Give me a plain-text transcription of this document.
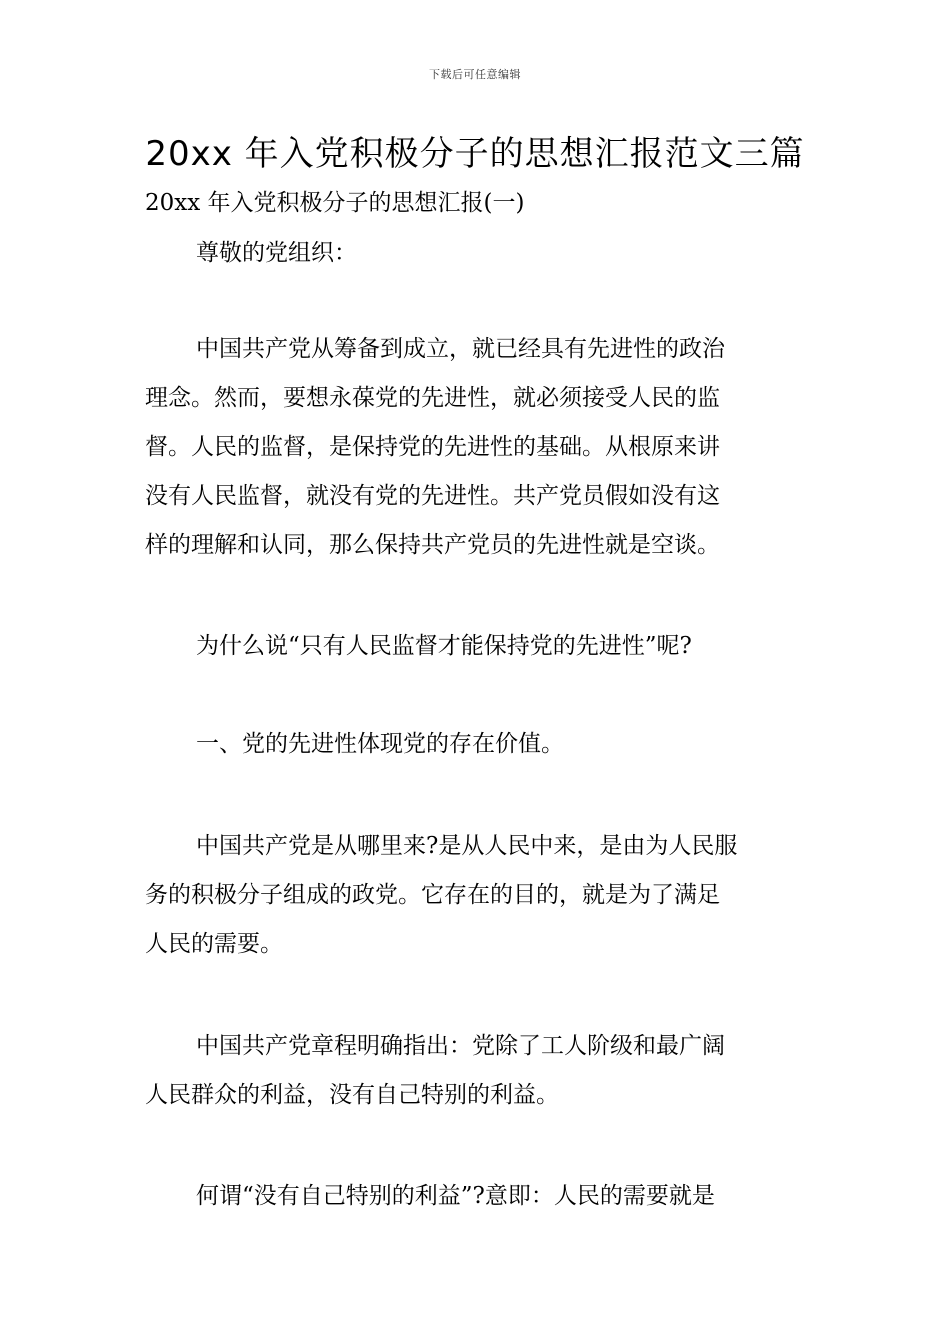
下载后可任意编辑
20xx 年入党积极分子的思想汇报范文三篇
20xx 年入党积极分子的思想汇报(一)
尊敬的党组织：
中国共产党从筹备到成立，就已经具有先进性的政治
理念。然而，要想永葆党的先进性，就必须接受人民的监
督。人民的监督，是保持党的先进性的基础。从根原来讲
没有人民监督，就没有党的先进性。共产党员假如没有这
样的理解和认同，那么保持共产党员的先进性就是空谈。
为什么说“只有人民监督才能保持党的先进性”呢?
一、党的先进性体现党的存在价值。
中国共产党是从哪里来?是从人民中来，是由为人民服
务的积极分子组成的政党。它存在的目的，就是为了满足
人民的需要。
中国共产党章程明确指出：党除了工人阶级和最广阔
人民群众的利益，没有自己特别的利益。
何谓“没有自己特别的利益”?意即：人民的需要就是
